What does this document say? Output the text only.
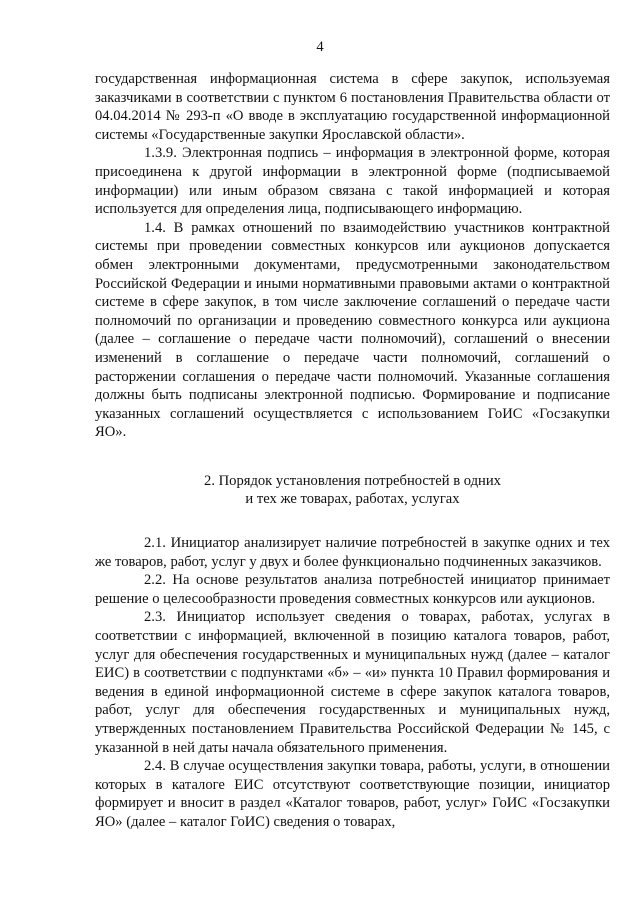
4

государственная информационная система в сфере закупок, используемая заказчиками в соответствии с пунктом 6 постановления Правительства области от 04.04.2014 № 293-п «О вводе в эксплуатацию государственной информационной системы «Государственные закупки Ярославской области».

1.3.9. Электронная подпись – информация в электронной форме, которая присоединена к другой информации в электронной форме (подписываемой информации) или иным образом связана с такой информацией и которая используется для определения лица, подписывающего информацию.

1.4. В рамках отношений по взаимодействию участников контрактной системы при проведении совместных конкурсов или аукционов допускается обмен электронными документами, предусмотренными законодательством Российской Федерации и иными нормативными правовыми актами о контрактной системе в сфере закупок, в том числе заключение соглашений о передаче части полномочий по организации и проведению совместного конкурса или аукциона (далее – соглашение о передаче части полномочий), соглашений о внесении изменений в соглашение о передаче части полномочий, соглашений о расторжении соглашения о передаче части полномочий. Указанные соглашения должны быть подписаны электронной подписью. Формирование и подписание указанных соглашений осуществляется с использованием ГоИС «Госзакупки ЯО».

2. Порядок установления потребностей в одних
и тех же товарах, работах, услугах

2.1. Инициатор анализирует наличие потребностей в закупке одних и тех же товаров, работ, услуг у двух и более функционально подчиненных заказчиков.

2.2. На основе результатов анализа потребностей инициатор принимает решение о целесообразности проведения совместных конкурсов или аукционов.

2.3. Инициатор использует сведения о товарах, работах, услугах в соответствии с информацией, включенной в позицию каталога товаров, работ, услуг для обеспечения государственных и муниципальных нужд (далее – каталог ЕИС) в соответствии с подпунктами «б» – «и» пункта 10 Правил формирования и ведения в единой информационной системе в сфере закупок каталога товаров, работ, услуг для обеспечения государственных и муниципальных нужд, утвержденных постановлением Правительства Российской Федерации № 145, с указанной в ней даты начала обязательного применения.

2.4. В случае осуществления закупки товара, работы, услуги, в отношении которых в каталоге ЕИС отсутствуют соответствующие позиции, инициатор формирует и вносит в раздел «Каталог товаров, работ, услуг» ГоИС «Госзакупки ЯО» (далее – каталог ГоИС) сведения о товарах,
